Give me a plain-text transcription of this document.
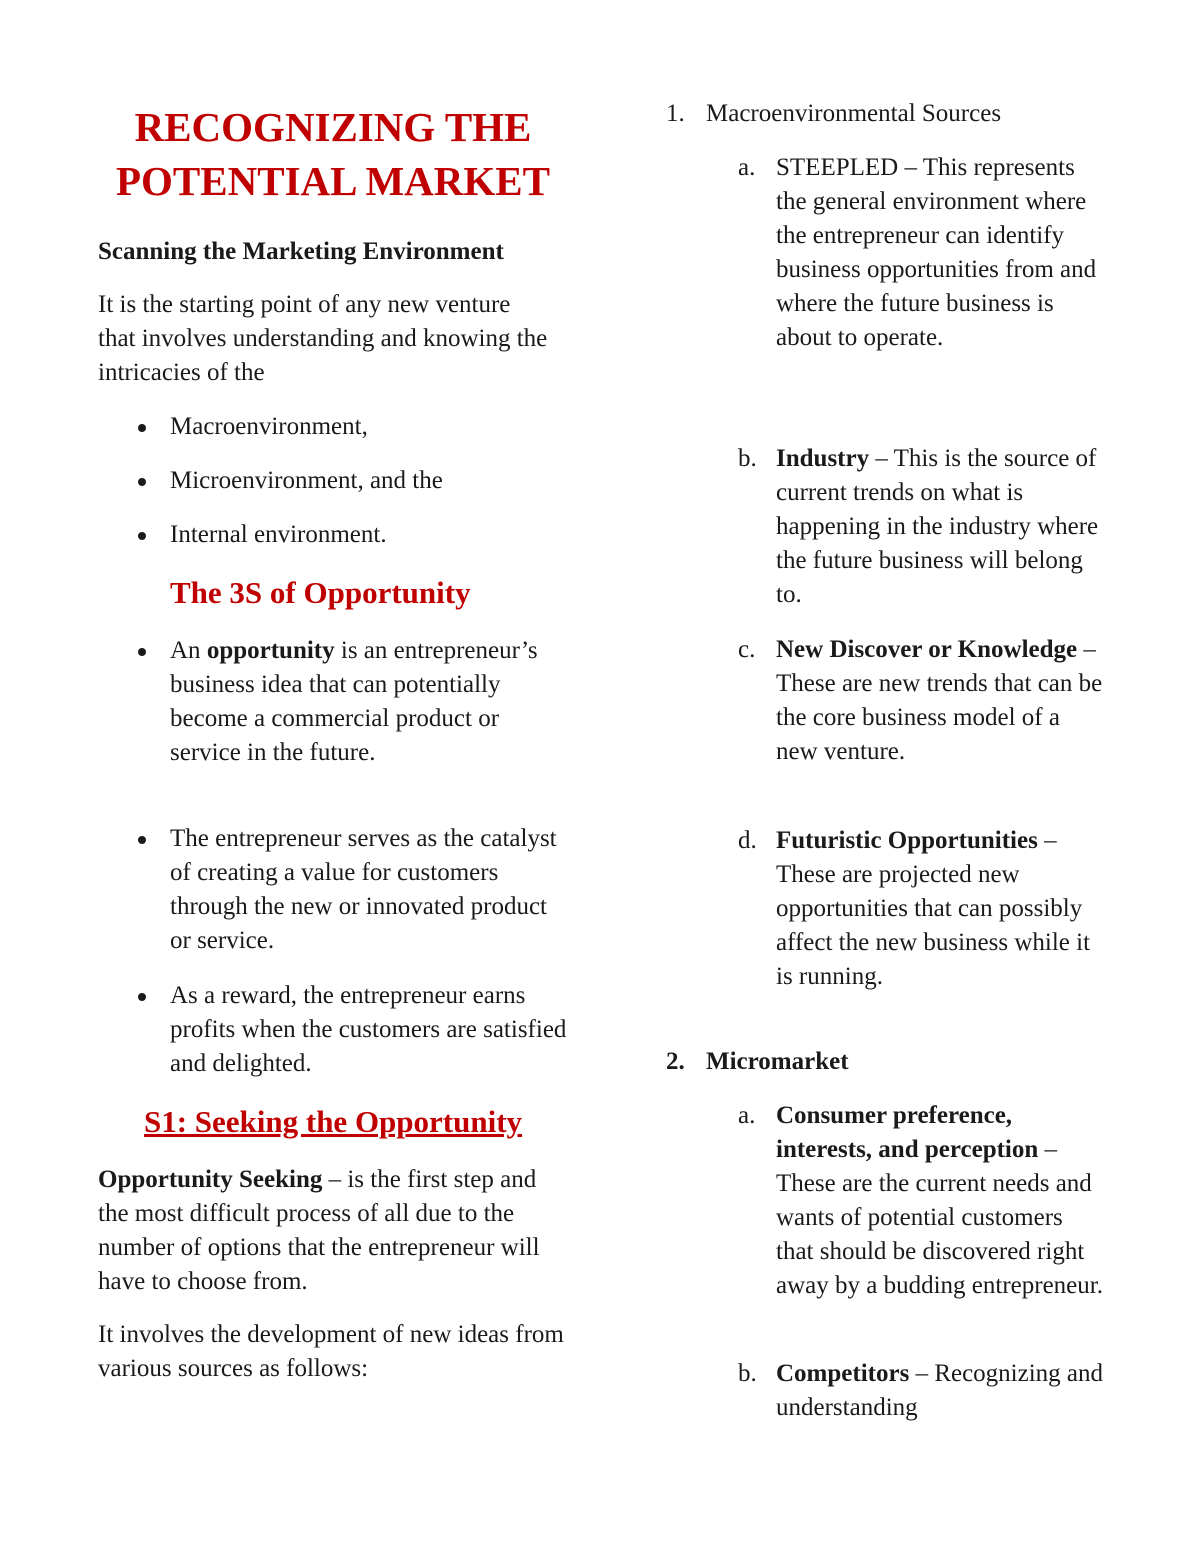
RECOGNIZING THE POTENTIAL MARKET

Scanning the Marketing Environment

It is the starting point of any new venture that involves understanding and knowing the intricacies of the

Macroenvironment,
Microenvironment, and the
Internal environment.
The 3S of Opportunity
An opportunity is an entrepreneur’s business idea that can potentially become a commercial product or service in the future.
The entrepreneur serves as the catalyst of creating a value for customers through the new or innovated product or service.
As a reward, the entrepreneur earns profits when the customers are satisfied and delighted.
S1: Seeking the Opportunity

Opportunity Seeking – is the first step and the most difficult process of all due to the number of options that the entrepreneur will have to choose from.

It involves the development of new ideas from various sources as follows:

1. Macroenvironmental Sources
a. STEEPLED – This represents the general environment where the entrepreneur can identify business opportunities from and where the future business is about to operate.
b. Industry – This is the source of current trends on what is happening in the industry where the future business will belong to.
c. New Discover or Knowledge – These are new trends that can be the core business model of a new venture.
d. Futuristic Opportunities – These are projected new opportunities that can possibly affect the new business while it is running.
2. Micromarket
a. Consumer preference, interests, and perception – These are the current needs and wants of potential customers that should be discovered right away by a budding entrepreneur.
b. Competitors – Recognizing and understanding
